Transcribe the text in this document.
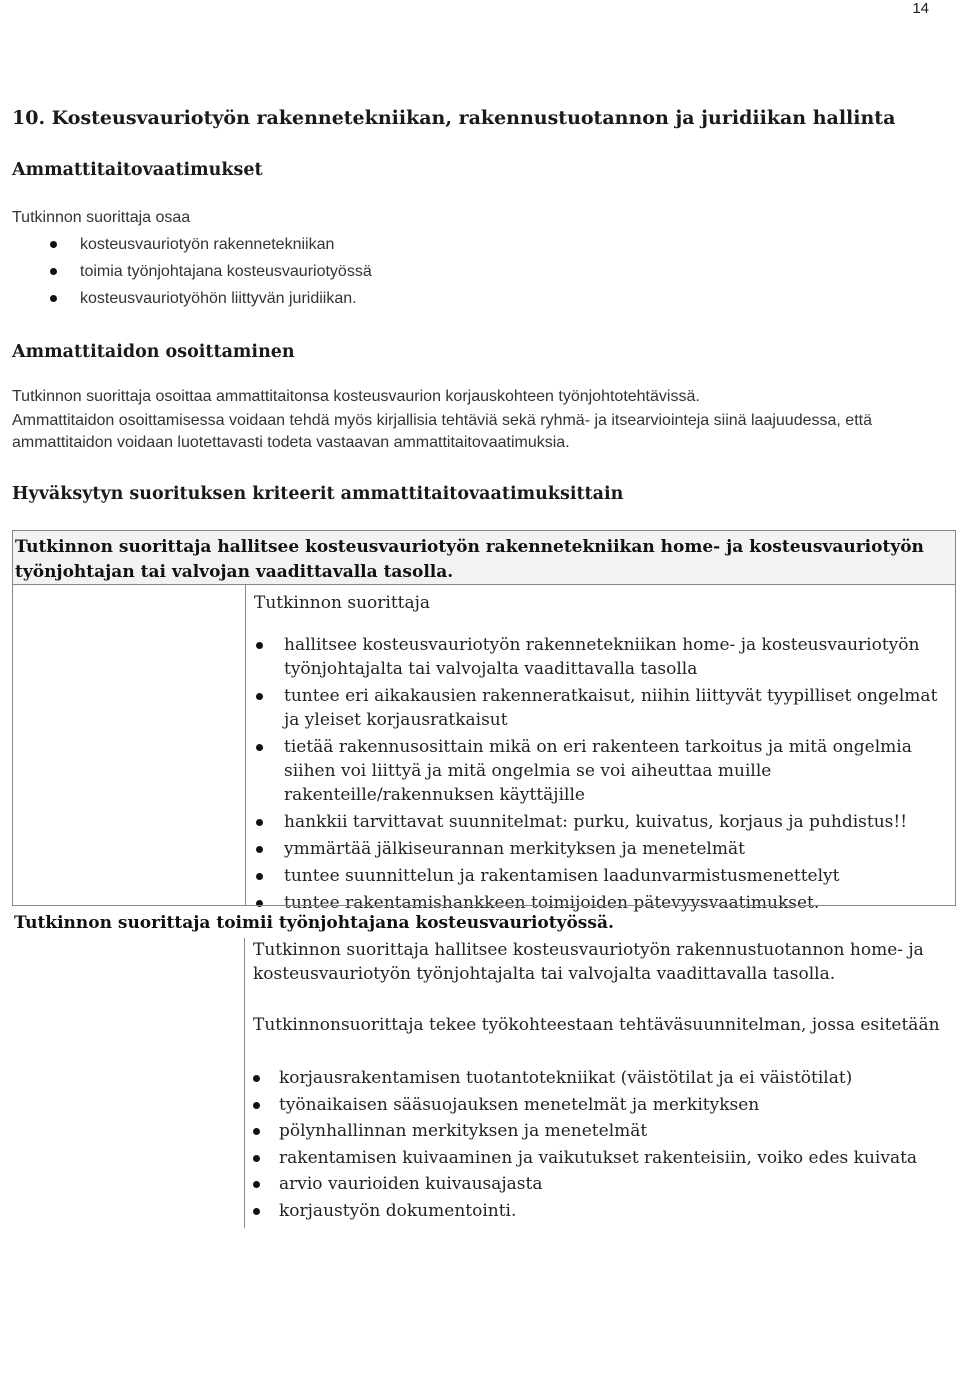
14
10. Kosteusvauriotyön rakennetekniikan, rakennustuotannon ja juridiikan hallinta
Ammattitaitovaatimukset
Tutkinnon suorittaja osaa
kosteusvauriotyön rakennetekniikan
toimia työnjohtajana kosteusvauriotyössä
kosteusvauriotyöhön liittyvän juridiikan.
Ammattitaidon osoittaminen
Tutkinnon suorittaja osoittaa ammattitaitonsa kosteusvaurion korjauskohteen työnjohtotehtävissä.
Ammattitaidon osoittamisessa voidaan tehdä myös kirjallisia tehtäviä sekä ryhmä- ja itsearviointeja siinä laajuudessa, että ammattitaidon voidaan luotettavasti todeta vastaavan ammattitaitovaatimuksia.
Hyväksytyn suorituksen kriteerit ammattitaitovaatimuksittain
Tutkinnon suorittaja hallitsee kosteusvauriotyön rakennetekniikan home- ja kosteusvauriotyön työnjohtajan tai valvojan vaadittavalla tasolla.

Tutkinnon suorittaja

hallitsee kosteusvauriotyön rakennetekniikan home- ja kosteusvauriotyön työnjohtajalta tai valvojalta vaadittavalla tasolla
tuntee eri aikakausien rakenneratkaisut, niihin liittyvät tyypilliset ongelmat ja yleiset korjausratkaisut
tietää rakennusosittain mikä on eri rakenteen tarkoitus ja mitä ongelmia siihen voi liittyä ja mitä ongelmia se voi aiheuttaa muille rakenteille/rakennuksen käyttäjille
hankkii tarvittavat suunnitelmat: purku, kuivatus, korjaus ja puhdistus!!
ymmärtää jälkiseurannan merkityksen ja menetelmät
tuntee suunnittelun ja rakentamisen laadunvarmistusmenettelyt
tuntee rakentamishankkeen toimijoiden pätevyysvaatimukset.
Tutkinnon suorittaja toimii työnjohtajana kosteusvauriotyössä.

Tutkinnon suorittaja hallitsee kosteusvauriotyön rakennustuotannon home- ja kosteusvauriotyön työnjohtajalta tai valvojalta vaadittavalla tasolla.

Tutkinnonsuorittaja tekee työkohteestaan tehtäväsuunnitelman, jossa esitetään

korjausrakentamisen tuotantotekniikat (väistötilat ja ei väistötilat)
työnaikaisen sääsuojauksen menetelmät ja merkityksen
pölynhallinnan merkityksen ja menetelmät
rakentamisen kuivaaminen ja vaikutukset rakenteisiin, voiko edes kuivata
arvio vaurioiden kuivausajasta
korjaustyön dokumentointi.
